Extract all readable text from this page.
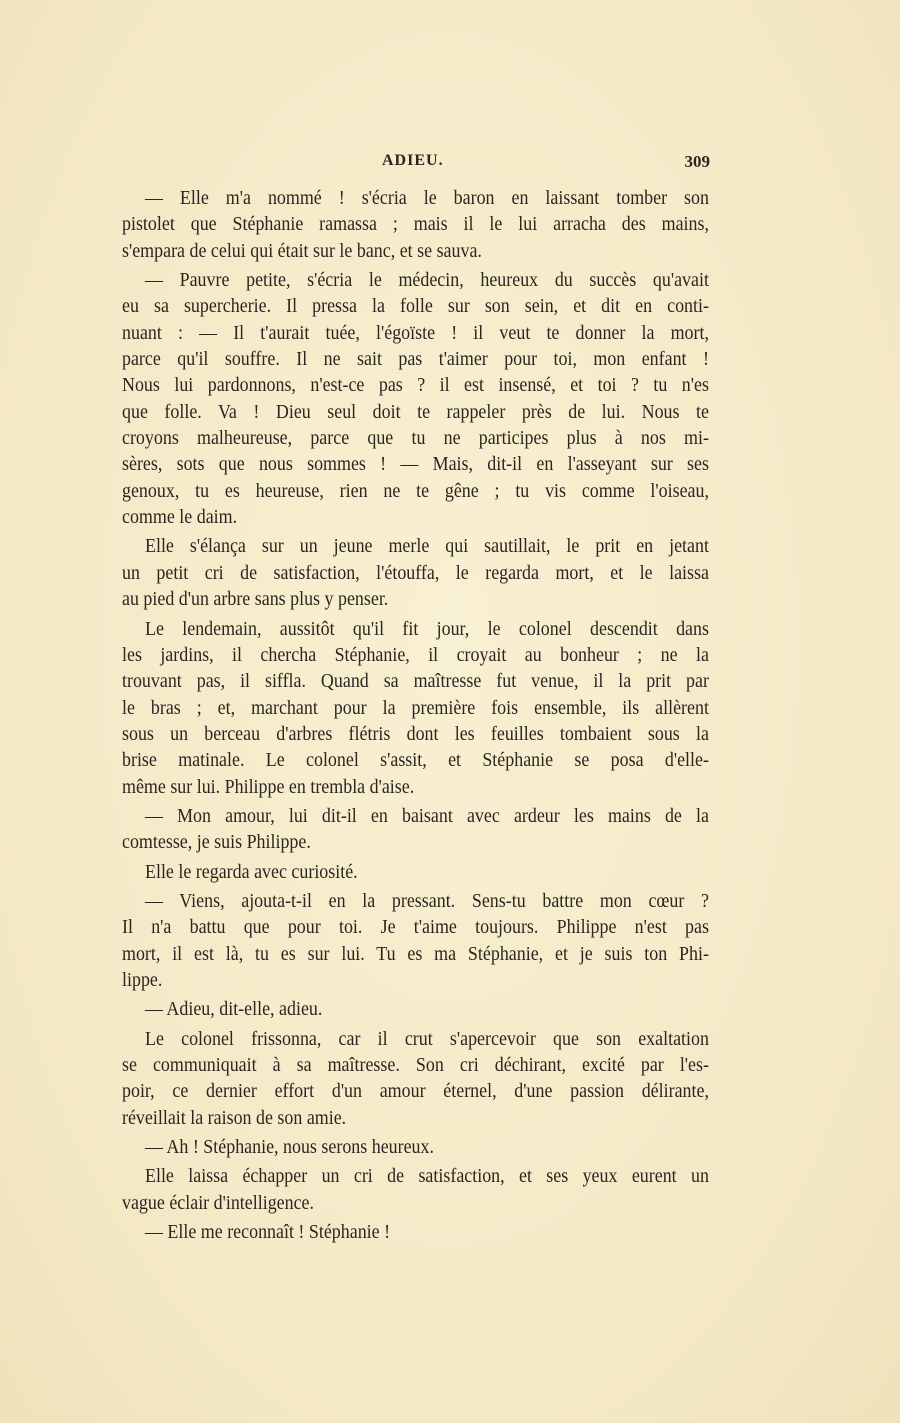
ADIEU.	309
— Elle m'a nommé ! s'écria le baron en laissant tomber son
pistolet que Stéphanie ramassa ; mais il le lui arracha des mains,
s'empara de celui qui était sur le banc, et se sauva.
— Pauvre petite, s'écria le médecin, heureux du succès qu'avait
eu sa supercherie. Il pressa la folle sur son sein, et dit en conti-
nuant : — Il t'aurait tuée, l'égoïste ! il veut te donner la mort,
parce qu'il souffre. Il ne sait pas t'aimer pour toi, mon enfant !
Nous lui pardonnons, n'est-ce pas ? il est insensé, et toi ? tu n'es
que folle. Va ! Dieu seul doit te rappeler près de lui. Nous te
croyons malheureuse, parce que tu ne participes plus à nos mi-
sères, sots que nous sommes ! — Mais, dit-il en l'asseyant sur ses
genoux, tu es heureuse, rien ne te gêne ; tu vis comme l'oiseau,
comme le daim.
Elle s'élança sur un jeune merle qui sautillait, le prit en jetant
un petit cri de satisfaction, l'étouffa, le regarda mort, et le laissa
au pied d'un arbre sans plus y penser.
Le lendemain, aussitôt qu'il fit jour, le colonel descendit dans
les jardins, il chercha Stéphanie, il croyait au bonheur ; ne la
trouvant pas, il siffla. Quand sa maîtresse fut venue, il la prit par
le bras ; et, marchant pour la première fois ensemble, ils allèrent
sous un berceau d'arbres flétris dont les feuilles tombaient sous la
brise matinale. Le colonel s'assit, et Stéphanie se posa d'elle-
même sur lui. Philippe en trembla d'aise.
— Mon amour, lui dit-il en baisant avec ardeur les mains de la
comtesse, je suis Philippe.
Elle le regarda avec curiosité.
— Viens, ajouta-t-il en la pressant. Sens-tu battre mon cœur ?
Il n'a battu que pour toi. Je t'aime toujours. Philippe n'est pas
mort, il est là, tu es sur lui. Tu es ma Stéphanie, et je suis ton Phi-
lippe.
— Adieu, dit-elle, adieu.
Le colonel frissonna, car il crut s'apercevoir que son exaltation
se communiquait à sa maîtresse. Son cri déchirant, excité par l'es-
poir, ce dernier effort d'un amour éternel, d'une passion délirante,
réveillait la raison de son amie.
— Ah ! Stéphanie, nous serons heureux.
Elle laissa échapper un cri de satisfaction, et ses yeux eurent un
vague éclair d'intelligence.
— Elle me reconnaît ! Stéphanie !
